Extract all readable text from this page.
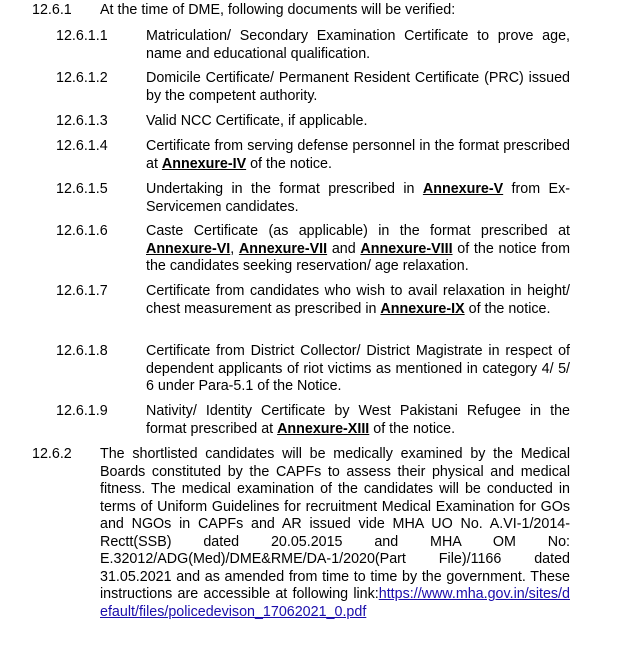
12.6.1 At the time of DME, following documents will be verified:
12.6.1.1	Matriculation/ Secondary Examination Certificate to prove age, name and educational qualification.

12.6.1.2	Domicile Certificate/ Permanent Resident Certificate (PRC) issued by the competent authority.

12.6.1.3	Valid NCC Certificate, if applicable.

12.6.1.4	Certificate from serving defense personnel in the format prescribed at Annexure-IV of the notice.

12.6.1.5	Undertaking in the format prescribed in Annexure-V from Ex-Servicemen candidates.

12.6.1.6	Caste Certificate (as applicable) in the format prescribed at Annexure-VI, Annexure-VII and Annexure-VIII of the notice from the candidates seeking reservation/ age relaxation.

12.6.1.7	Certificate from candidates who wish to avail relaxation in height/ chest measurement as prescribed in Annexure-IX of the notice.

12.6.1.8	Certificate from District Collector/ District Magistrate in respect of dependent applicants of riot victims as mentioned in category 4/ 5/ 6 under Para-5.1 of the Notice.

12.6.1.9	Nativity/ Identity Certificate by West Pakistani Refugee in the format prescribed at Annexure-XIII of the notice.

12.6.2 The shortlisted candidates will be medically examined by the Medical Boards constituted by the CAPFs to assess their physical and medical fitness. The medical examination of the candidates will be conducted in terms of Uniform Guidelines for recruitment Medical Examination for GOs and NGOs in CAPFs and AR issued vide MHA UO No. A.VI-1/2014-Rectt(SSB) dated 20.05.2015 and MHA OM No: E.32012/ADG(Med)/DME&RME/DA-1/2020(Part File)/1166 dated 31.05.2021 and as amended from time to time by the government. These instructions are accessible at following link:https://www.mha.gov.in/sites/default/files/policedevison_17062021_0.pdf
